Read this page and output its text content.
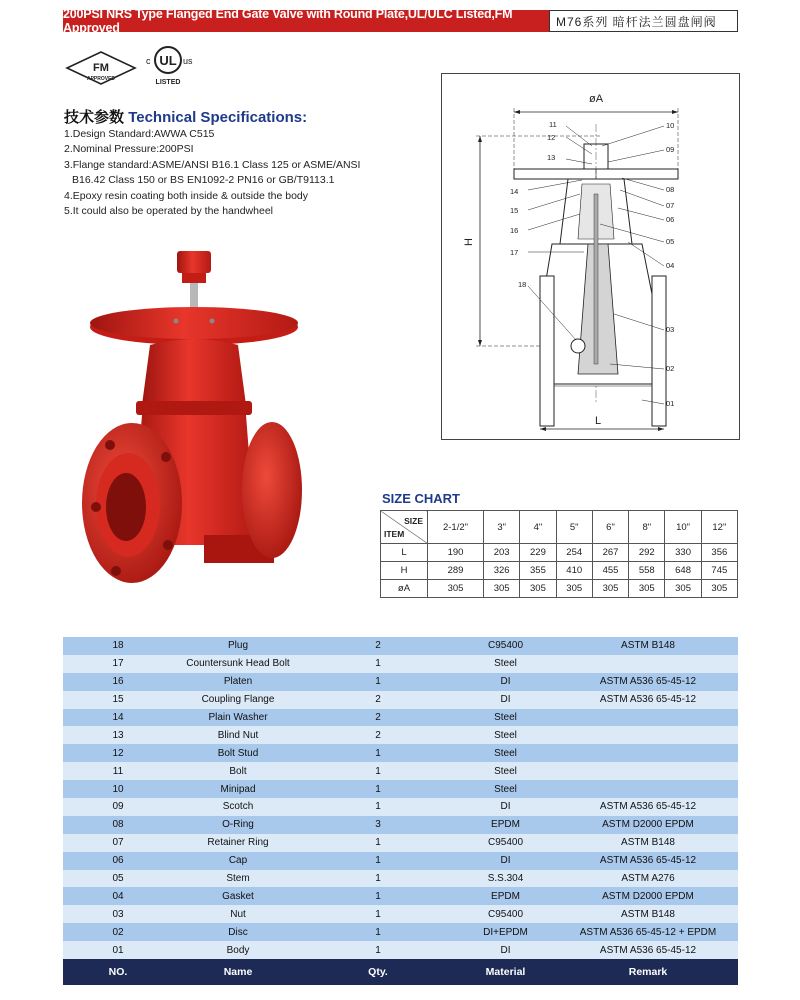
200PSI NRS Type Flanged End Gate Valve with Round Plate,UL/ULC Listed,FM Approved	M76系列 暗杆法兰圆盘闸阀
FM
APPROVED
c UL us
LISTED
技术参数 Technical Specifications:
1.Design Standard:AWWA C515
2.Nominal Pressure:200PSI
3.Flange standard:ASME/ANSI B16.1 Class 125 or ASME/ANSI
B16.42 Class 150 or BS EN1092-2 PN16 or GB/T9113.1
4.Epoxy resin coating both inside & outside the body
5.It could also be operated by the handwheel
øA
H
L
11
12
13
14
15
16
17
18
10
09
08
07
06
05
04
03
02
01
SIZE CHART
SIZE
ITEM	2-1/2"	3"	4"	5"	6"	8"	10"	12"
L	190	203	229	254	267	292	330	356
H	289	326	355	410	455	558	648	745
øA	305	305	305	305	305	305	305	305
18	Plug	2	C95400	ASTM B148
17	Countersunk Head Bolt	1	Steel	
16	Platen	1	DI	ASTM A536 65-45-12
15	Coupling Flange	2	DI	ASTM A536 65-45-12
14	Plain Washer	2	Steel	
13	Blind Nut	2	Steel	
12	Bolt Stud	1	Steel	
11	Bolt	1	Steel	
10	Minipad	1	Steel	
09	Scotch	1	DI	ASTM A536 65-45-12
08	O-Ring	3	EPDM	ASTM D2000 EPDM
07	Retainer Ring	1	C95400	ASTM B148
06	Cap	1	DI	ASTM A536 65-45-12
05	Stem	1	S.S.304	ASTM A276
04	Gasket	1	EPDM	ASTM D2000 EPDM
03	Nut	1	C95400	ASTM B148
02	Disc	1	DI+EPDM	ASTM A536 65-45-12 + EPDM
01	Body	1	DI	ASTM A536 65-45-12
NO.	Name	Qty.	Material	Remark
